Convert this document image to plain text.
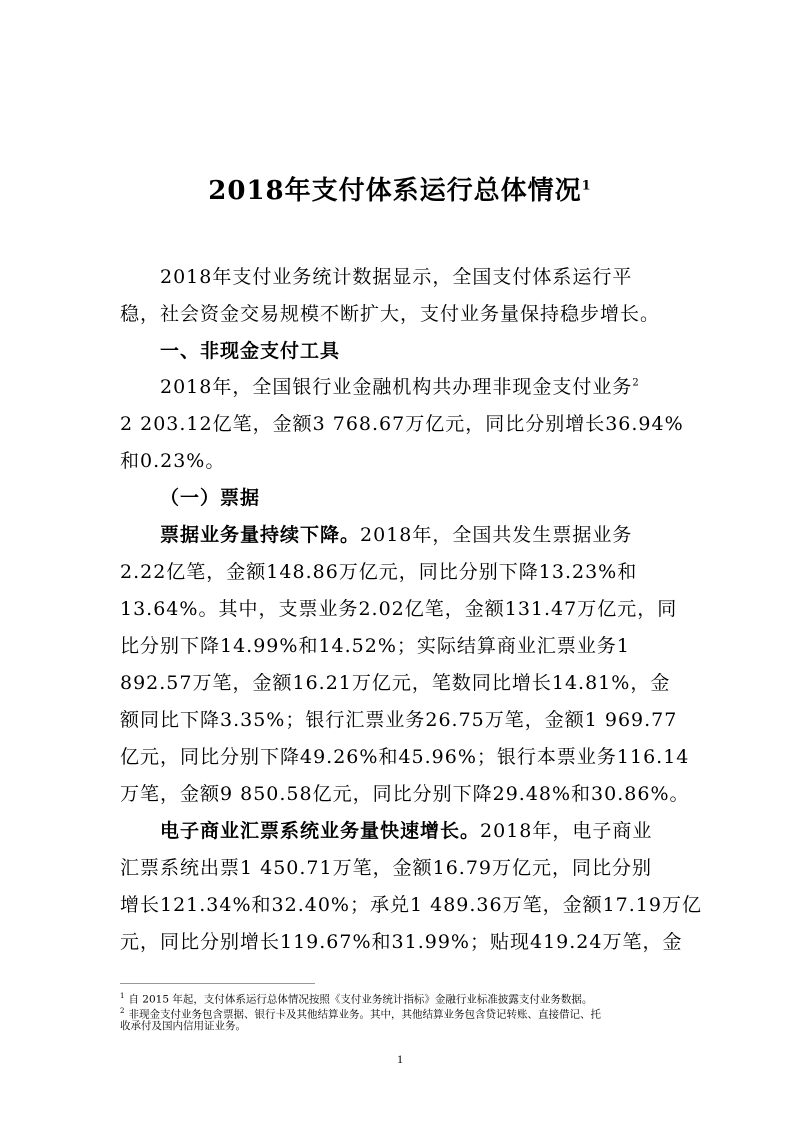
2018年支付体系运行总体情况$^1$
2018年支付业务统计数据显示，全国支付体系运行平
稳，社会资金交易规模不断扩大，支付业务量保持稳步增长。
一、非现金支付工具
2018年，全国银行业金融机构共办理非现金支付业务$^2$
2 203.12亿笔，金额3 768.67万亿元，同比分别增长36.94%
和0.23%。
（一）票据
票据业务量持续下降。2018年，全国共发生票据业务
2.22亿笔，金额148.86万亿元，同比分别下降13.23%和
13.64%。其中，支票业务2.02亿笔，金额131.47万亿元，同
比分别下降14.99%和14.52%；实际结算商业汇票业务1
892.57万笔，金额16.21万亿元，笔数同比增长14.81%，金
额同比下降3.35%；银行汇票业务26.75万笔，金额1 969.77
亿元，同比分别下降49.26%和45.96%；银行本票业务116.14
万笔，金额9 850.58亿元，同比分别下降29.48%和30.86%。
电子商业汇票系统业务量快速增长。2018年，电子商业
汇票系统出票1 450.71万笔，金额16.79万亿元，同比分别
增长121.34%和32.40%；承兑1 489.36万笔，金额17.19万亿
元，同比分别增长119.67%和31.99%；贴现419.24万笔，金
$^1$ 自 2015 年起，支付体系运行总体情况按照《支付业务统计指标》金融行业标准披露支付业务数据。
$^2$ 非现金支付业务包含票据、银行卡及其他结算业务。其中，其他结算业务包含贷记转账、直接借记、托
收承付及国内信用证业务。
1
